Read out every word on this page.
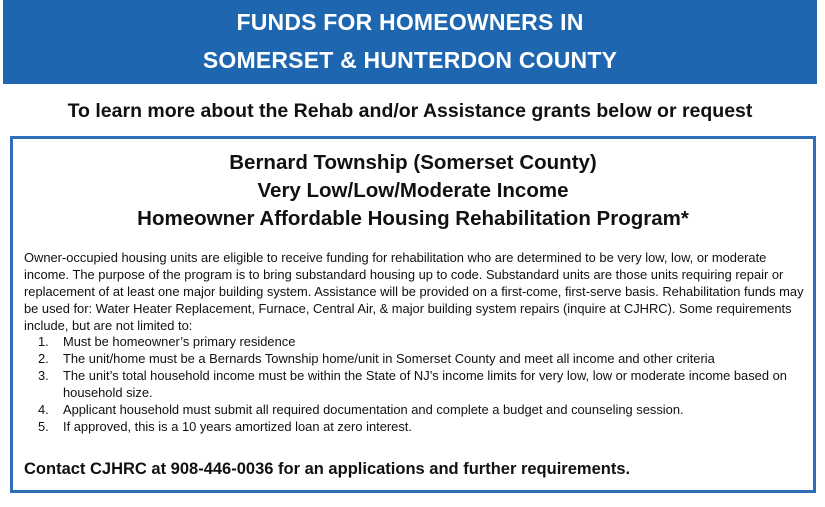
FUNDS FOR HOMEOWNERS IN
SOMERSET & HUNTERDON COUNTY
To learn more about the Rehab and/or Assistance grants below or request
Bernard Township (Somerset County)
Very Low/Low/Moderate Income
Homeowner Affordable Housing Rehabilitation Program*

Owner-occupied housing units are eligible to receive funding for rehabilitation who are determined to be very low, low, or moderate income. The purpose of the program is to bring substandard housing up to code. Substandard units are those units requiring repair or replacement of at least one major building system. Assistance will be provided on a first-come, first-serve basis. Rehabilitation funds may be used for: Water Heater Replacement, Furnace, Central Air, & major building system repairs (inquire at CJHRC). Some requirements include, but are not limited to:

1. Must be homeowner’s primary residence
2. The unit/home must be a Bernards Township home/unit in Somerset County and meet all income and other criteria
3. The unit’s total household income must be within the State of NJ’s income limits for very low, low or moderate income based on household size.
4. Applicant household must submit all required documentation and complete a budget and counseling session.
5. If approved, this is a 10 years amortized loan at zero interest.
Contact CJHRC at 908-446-0036 for an applications and further requirements.
